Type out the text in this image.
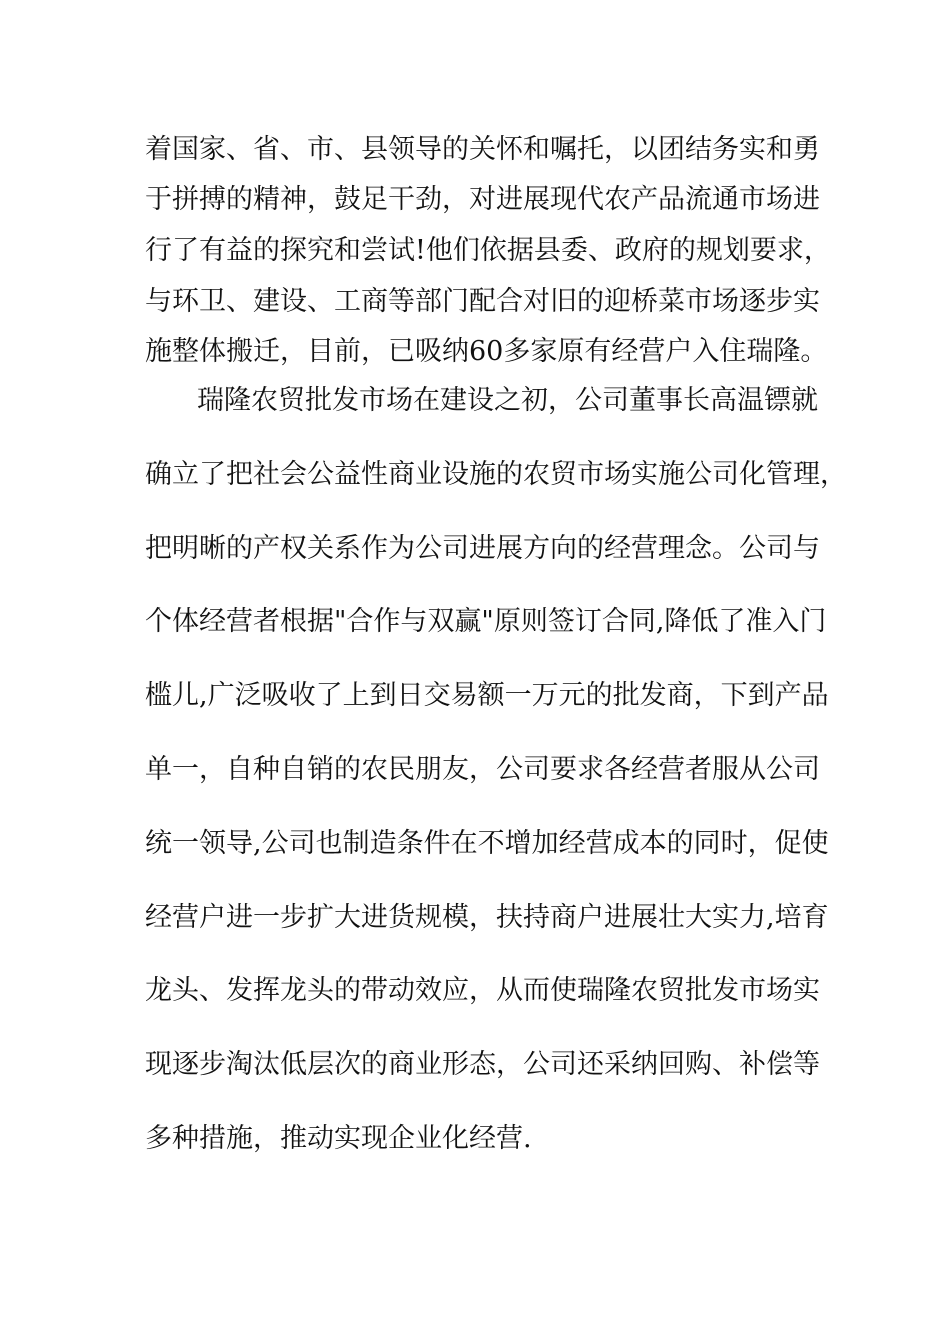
着国家、省、市、县领导的关怀和嘱托，以团结务实和勇
于拼搏的精神，鼓足干劲，对进展现代农产品流通市场进
行了有益的探究和尝试!他们依据县委、政府的规划要求，
与环卫、建设、工商等部门配合对旧的迎桥菜市场逐步实
施整体搬迁，目前，已吸纳60多家原有经营户入住瑞隆。
瑞隆农贸批发市场在建设之初，公司董事长高温镖就
确立了把社会公益性商业设施的农贸市场实施公司化管理，
把明晰的产权关系作为公司进展方向的经营理念。公司与
个体经营者根据"合作与双赢"原则签订合同,降低了准入门
槛儿,广泛吸收了上到日交易额一万元的批发商，下到产品
单一，自种自销的农民朋友，公司要求各经营者服从公司
统一领导,公司也制造条件在不增加经营成本的同时，促使
经营户进一步扩大进货规模，扶持商户进展壮大实力,培育
龙头、发挥龙头的带动效应，从而使瑞隆农贸批发市场实
现逐步淘汰低层次的商业形态，公司还采纳回购、补偿等
多种措施，推动实现企业化经营.
